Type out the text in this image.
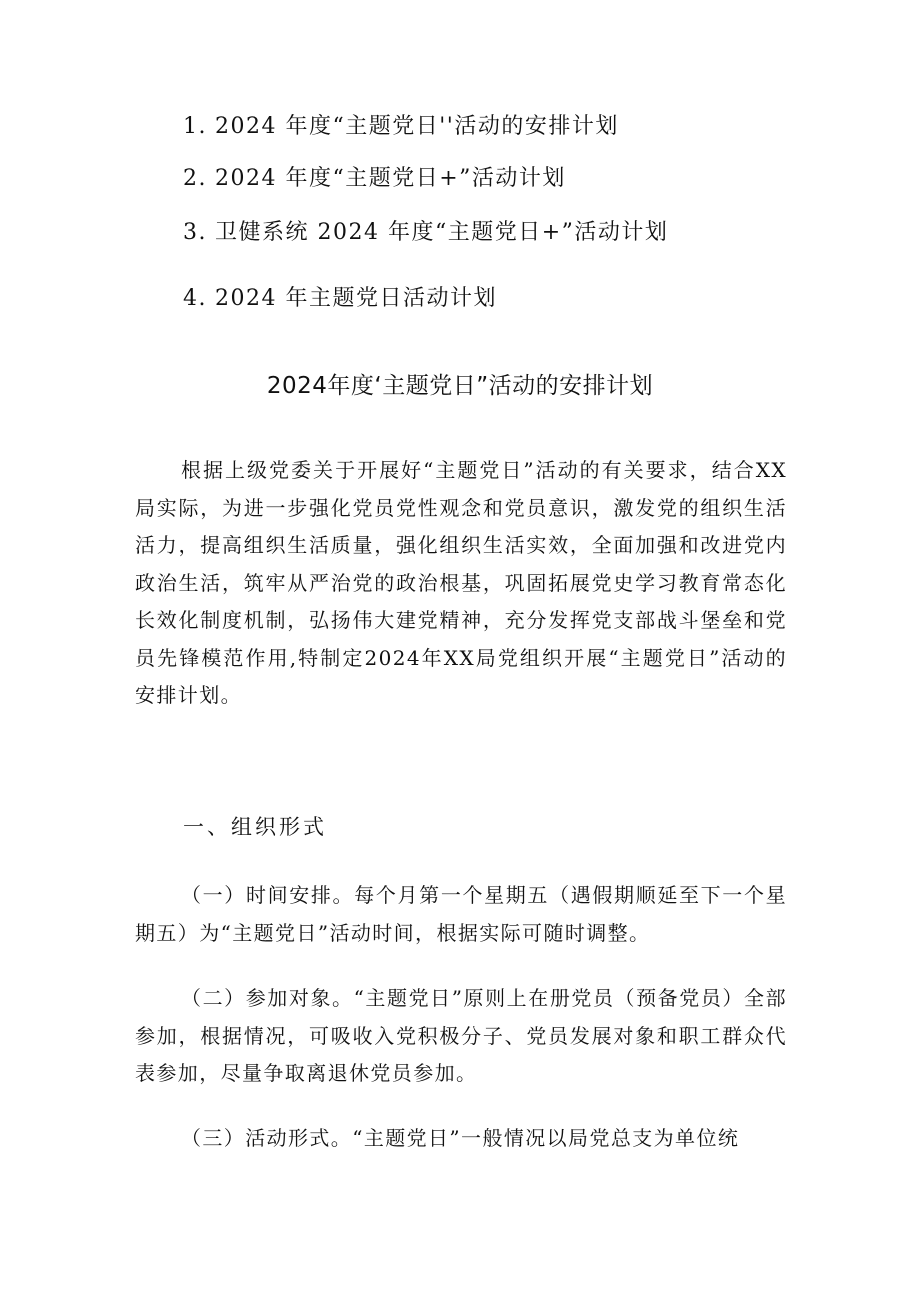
1. 2024 年度“主题党日''活动的安排计划
2. 2024 年度“主题党日+”活动计划
3. 卫健系统 2024 年度“主题党日+”活动计划
4. 2024 年主题党日活动计划
2024年度‘主题党日”活动的安排计划

根据上级党委关于开展好“主题党日”活动的有关要求，结合XX局实际，为进一步强化党员党性观念和党员意识，激发党的组织生活活力，提高组织生活质量，强化组织生活实效，全面加强和改进党内政治生活，筑牢从严治党的政治根基，巩固拓展党史学习教育常态化长效化制度机制，弘扬伟大建党精神，充分发挥党支部战斗堡垒和党员先锋模范作用,特制定2024年XX局党组织开展“主题党日”活动的安排计划。

一、组织形式

（一）时间安排。每个月第一个星期五（遇假期顺延至下一个星期五）为“主题党日”活动时间，根据实际可随时调整。

（二）参加对象。“主题党日”原则上在册党员（预备党员）全部参加，根据情况，可吸收入党积极分子、党员发展对象和职工群众代表参加，尽量争取离退休党员参加。

（三）活动形式。“主题党日”一般情况以局党总支为单位统
